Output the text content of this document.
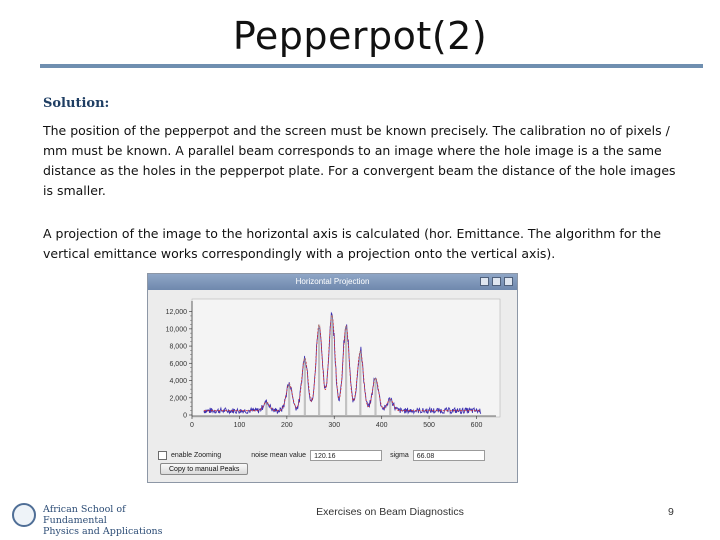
Pepperpot(2)
Solution:
The position of the pepperpot and the screen must be known precisely. The calibration no of pixels / mm must be known. A parallel beam corresponds to an image where the hole image is a the same distance as the holes in the pepperpot plate. For a convergent beam the distance of the hole images is smaller.
A projection of the image to the horizontal axis is calculated (hor. Emittance. The algorithm for the vertical emittance works correspondingly with a projection onto the vertical axis).
Horizontal Projection
0
2,000
4,000
6,000
8,000
10,000
12,000
0	100	200	300	400	500	600
enable Zooming	noise mean value	120.16	sigma	66.08
Copy to manual Peaks
African School of Fundamental
Physics and Applications
Exercises on Beam Diagnostics	9
